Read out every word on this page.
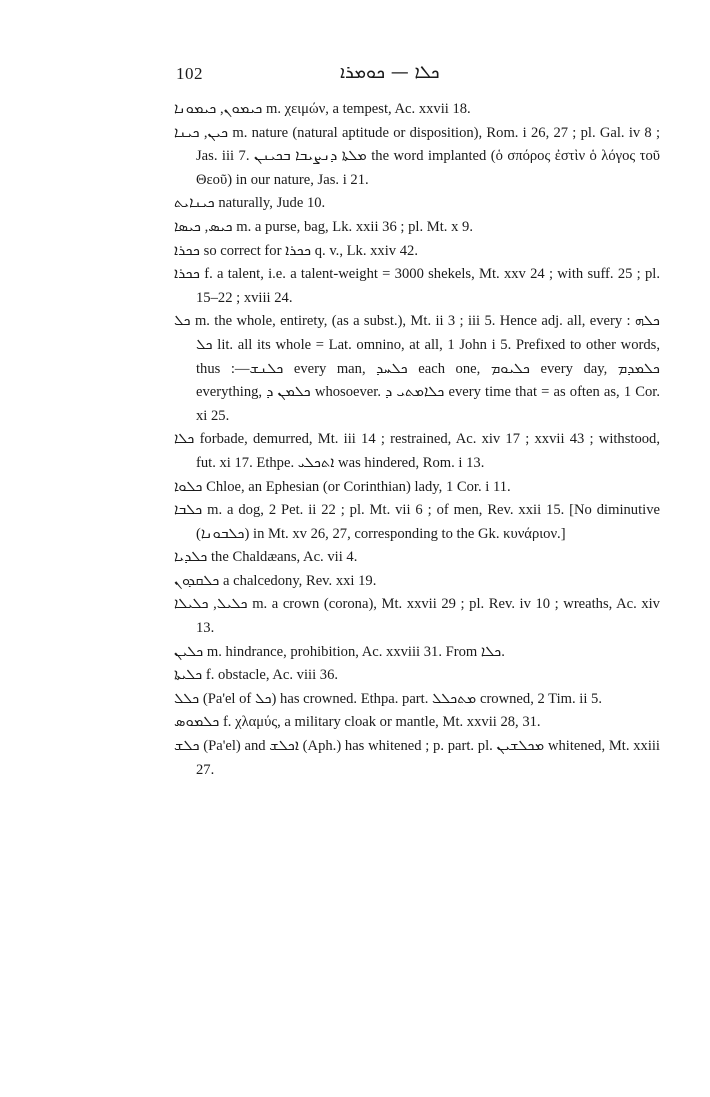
102	ܟܠܐ — ܟܘܡܪܐ

ܟܝܡܘܢ, ܟܝܡܘܢܐ m. χειμών, a tempest, Ac. xxvii 18.

ܟܝܢ, ܟܝܢܐ m. nature (natural aptitude or disposition), Rom. i 26, 27 ; pl. Gal. iv 8 ; Jas. iii 7. ܡܠܬܐ ܕܢܨܝܒܐ ܒܟܝܢܢ the word implanted (ὁ σπόρος ἐστὶν ὁ λόγος τοῦ Θεοῦ) in our nature, Jas. i 21.

ܟܝܢܐܝܬ naturally, Jude 10.

ܟܝܣ, ܟܝܣܐ m. a purse, bag, Lk. xxii 36 ; pl. Mt. x 9.

ܟܟܪܐ so correct for ܟܟܪܐ q. v., Lk. xxiv 42.

ܟܟܪܐ f. a talent, i.e. a talent-weight = 3000 shekels, Mt. xxv 24 ; with suff. 25 ; pl. 15–22 ; xviii 24.

ܟܠ m. the whole, entirety, (as a subst.), Mt. ii 3 ; iii 5. Hence adj. all, every : ܟܠܗ ܟܠ lit. all its whole = Lat. omnino, at all, 1 John i 5. Prefixed to other words, thus :—ܟܠܢܫ every man, ܟܠܚܕ each one, ܟܠܝܘܡ every day, ܟܠܡܕܡ everything, ܟܠܡܢ ܕ whosoever. ܟܠܐܡܬܝ ܕ every time that = as often as, 1 Cor. xi 25.

ܟܠܐ forbade, demurred, Mt. iii 14 ; restrained, Ac. xiv 17 ; xxvii 43 ; withstood, fut. xi 17. Ethpe. ܐܬܟܠܝ was hindered, Rom. i 13.

ܟܠܘܐ Chloe, an Ephesian (or Corinthian) lady, 1 Cor. i 11.

ܟܠܒܐ m. a dog, 2 Pet. ii 22 ; pl. Mt. vii 6 ; of men, Rev. xxii 15. [No diminutive (ܟܠܒܘܢܐ) in Mt. xv 26, 27, corresponding to the Gk. κυνάριον.]

ܟܠܕܝܐ the Chaldæans, Ac. vii 4.

ܟܠܩܕܘܢ a chalcedony, Rev. xxi 19.

ܟܠܝܠ, ܟܠܝܠܐ m. a crown (corona), Mt. xxvii 29 ; pl. Rev. iv 10 ; wreaths, Ac. xiv 13.

ܟܠܝܢ m. hindrance, prohibition, Ac. xxviii 31. From ܟܠܐ.

ܟܠܝܬܐ f. obstacle, Ac. viii 36.

ܟܠܠ (Pa'el of ܟܠ) has crowned. Ethpa. part. ܡܬܟܠܠ crowned, 2 Tim. ii 5.

ܟܠܡܘܣ f. χλαμύς, a military cloak or mantle, Mt. xxvii 28, 31.

ܟܠܫ (Pa'el) and ܐܟܠܫ (Aph.) has whitened ; p. part. pl. ܡܟܠܫܝܢ whitened, Mt. xxiii 27.
